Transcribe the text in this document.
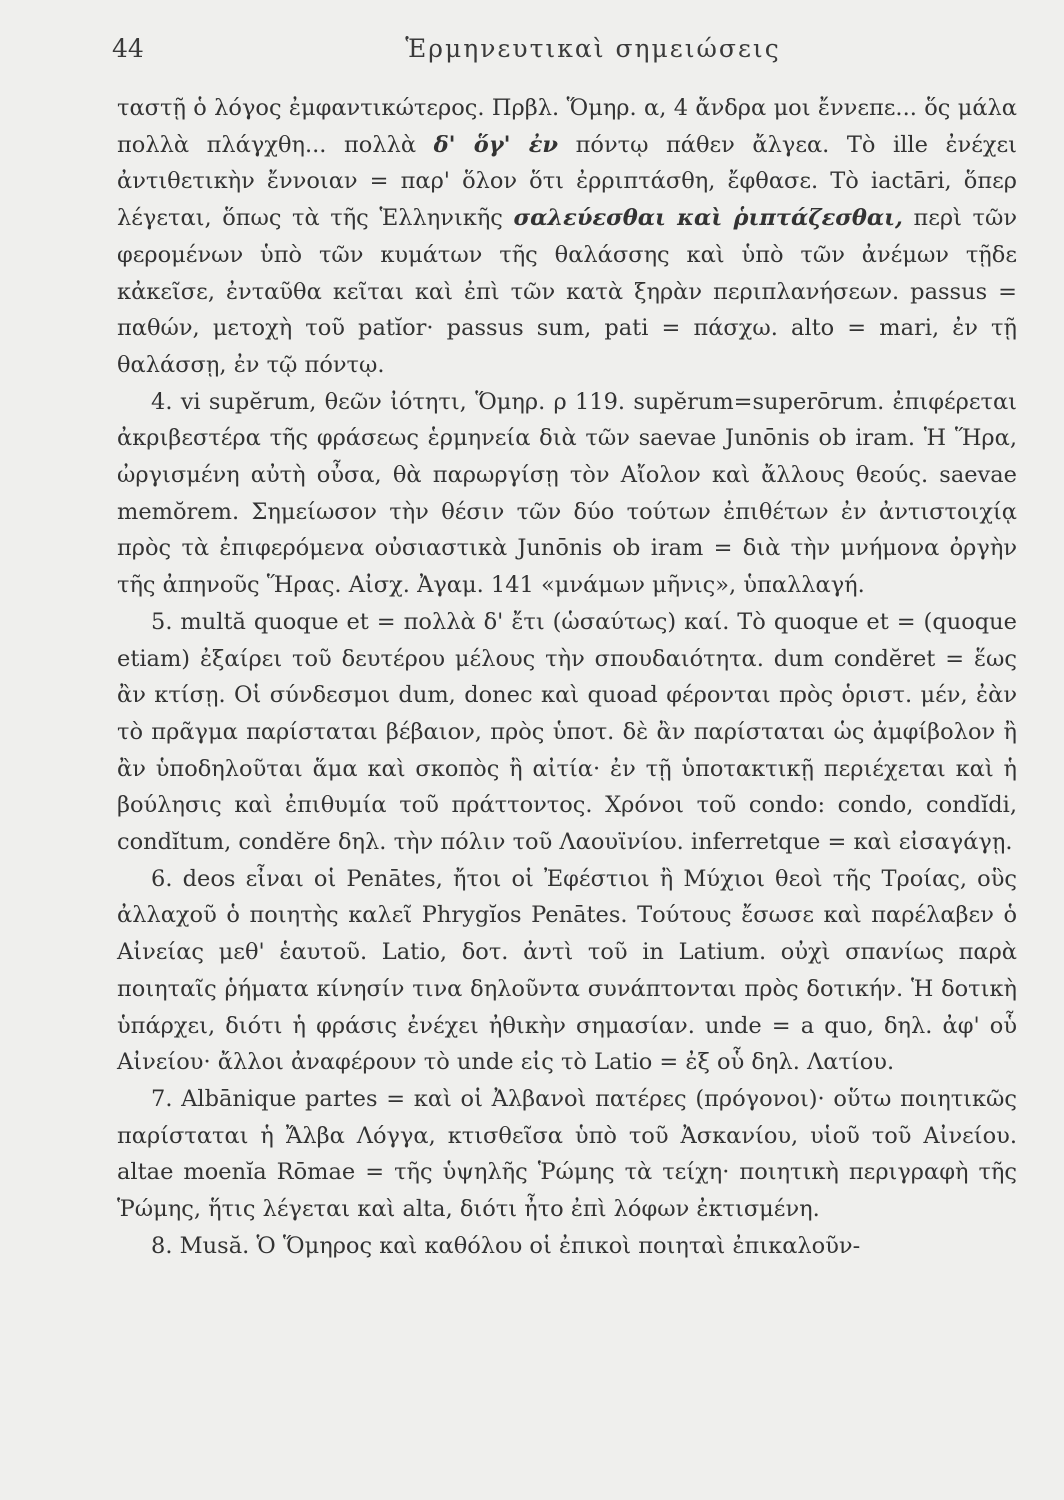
44	Ἑρμηνευτικαὶ σημειώσεις

ταστῇ ὁ λόγος ἐμφαντικώτερος. Πρβλ. Ὅμηρ. α, 4 ἄνδρα μοι ἔννεπε... ὅς μάλα πολλὰ πλάγχθη... πολλὰ δ' ὅγ' ἐν πόντῳ πάθεν ἄλγεα. Τὸ ille ἐνέχει ἀντιθετικὴν ἔννοιαν = παρ' ὅλον ὅτι ἐρριπτάσθη, ἔφθασε. Τὸ iactāri, ὅπερ λέγεται, ὅπως τὰ τῆς Ἑλληνικῆς σαλεύεσθαι καὶ ῥιπτάζεσθαι, περὶ τῶν φερομένων ὑπὸ τῶν κυμάτων τῆς θαλάσσης καὶ ὑπὸ τῶν ἀνέμων τῇδε κἀκεῖσε, ἐνταῦθα κεῖται καὶ ἐπὶ τῶν κατὰ ξηρὰν περιπλανήσεων. passus = παθών, μετοχὴ τοῦ patĭor· passus sum, pati = πάσχω. alto = mari, ἐν τῇ θαλάσσῃ, ἐν τῷ πόντῳ.

4. vi supĕrum, θεῶν ἰότητι, Ὅμηρ. ρ 119. supĕrum=superōrum. ἐπιφέρεται ἀκριβεστέρα τῆς φράσεως ἑρμηνεία διὰ τῶν saevae Junōnis ob iram. Ἡ Ἥρα, ὠργισμένη αὐτὴ οὖσα, θὰ παρωργίσῃ τὸν Αἴολον καὶ ἄλλους θεούς. saevae memŏrem. Σημείωσον τὴν θέσιν τῶν δύο τούτων ἐπιθέτων ἐν ἀντιστοιχίᾳ πρὸς τὰ ἐπιφερόμενα οὐσιαστικὰ Junōnis ob iram = διὰ τὴν μνήμονα ὀργὴν τῆς ἀπηνοῦς Ἥρας. Αἰσχ. Ἀγαμ. 141 «μνάμων μῆνις», ὑπαλλαγή.

5. multă quoque et = πολλὰ δ' ἔτι (ὡσαύτως) καί. Τὸ quoque et = (quoque etiam) ἐξαίρει τοῦ δευτέρου μέλους τὴν σπουδαιότητα. dum condĕret = ἕως ἂν κτίσῃ. Οἱ σύνδεσμοι dum, donec καὶ quoad φέρονται πρὸς ὁριστ. μέν, ἐὰν τὸ πρᾶγμα παρίσταται βέβαιον, πρὸς ὑποτ. δὲ ἂν παρίσταται ὡς ἀμφίβολον ἢ ἂν ὑποδηλοῦται ἅμα καὶ σκοπὸς ἢ αἰτία· ἐν τῇ ὑποτακτικῇ περιέχεται καὶ ἡ βούλησις καὶ ἐπιθυμία τοῦ πράττοντος. Χρόνοι τοῦ condo: condo, condĭdi, condĭtum, condĕre δηλ. τὴν πόλιν τοῦ Λαουϊνίου. inferretque = καὶ εἰσαγάγῃ.

6. deos εἶναι οἱ Penātes, ἤτοι οἱ Ἐφέστιοι ἢ Μύχιοι θεοὶ τῆς Τροίας, οὓς ἀλλαχοῦ ὁ ποιητὴς καλεῖ Phrygĭos Penātes. Τούτους ἔσωσε καὶ παρέλαβεν ὁ Αἰνείας μεθ' ἑαυτοῦ. Latio, δοτ. ἀντὶ τοῦ in Latium. οὐχὶ σπανίως παρὰ ποιηταῖς ῥήματα κίνησίν τινα δηλοῦντα συνάπτονται πρὸς δοτικήν. Ἡ δοτικὴ ὑπάρχει, διότι ἡ φράσις ἐνέχει ἠθικὴν σημασίαν. unde = a quo, δηλ. ἀφ' οὗ Αἰνείου· ἄλλοι ἀναφέρουν τὸ unde εἰς τὸ Latio = ἐξ οὗ δηλ. Λατίου.

7. Albānique partes = καὶ οἱ Ἀλβανοὶ πατέρες (πρόγονοι)· οὕτω ποιητικῶς παρίσταται ἡ Ἄλβα Λόγγα, κτισθεῖσα ὑπὸ τοῦ Ἀσκανίου, υἱοῦ τοῦ Αἰνείου. altae moenĭa Rōmae = τῆς ὑψηλῆς Ῥώμης τὰ τείχη· ποιητικὴ περιγραφὴ τῆς Ῥώμης, ἥτις λέγεται καὶ alta, διότι ἦτο ἐπὶ λόφων ἐκτισμένη.

8. Musă. Ὁ Ὅμηρος καὶ καθόλου οἱ ἐπικοὶ ποιηταὶ ἐπικαλοῦν-
